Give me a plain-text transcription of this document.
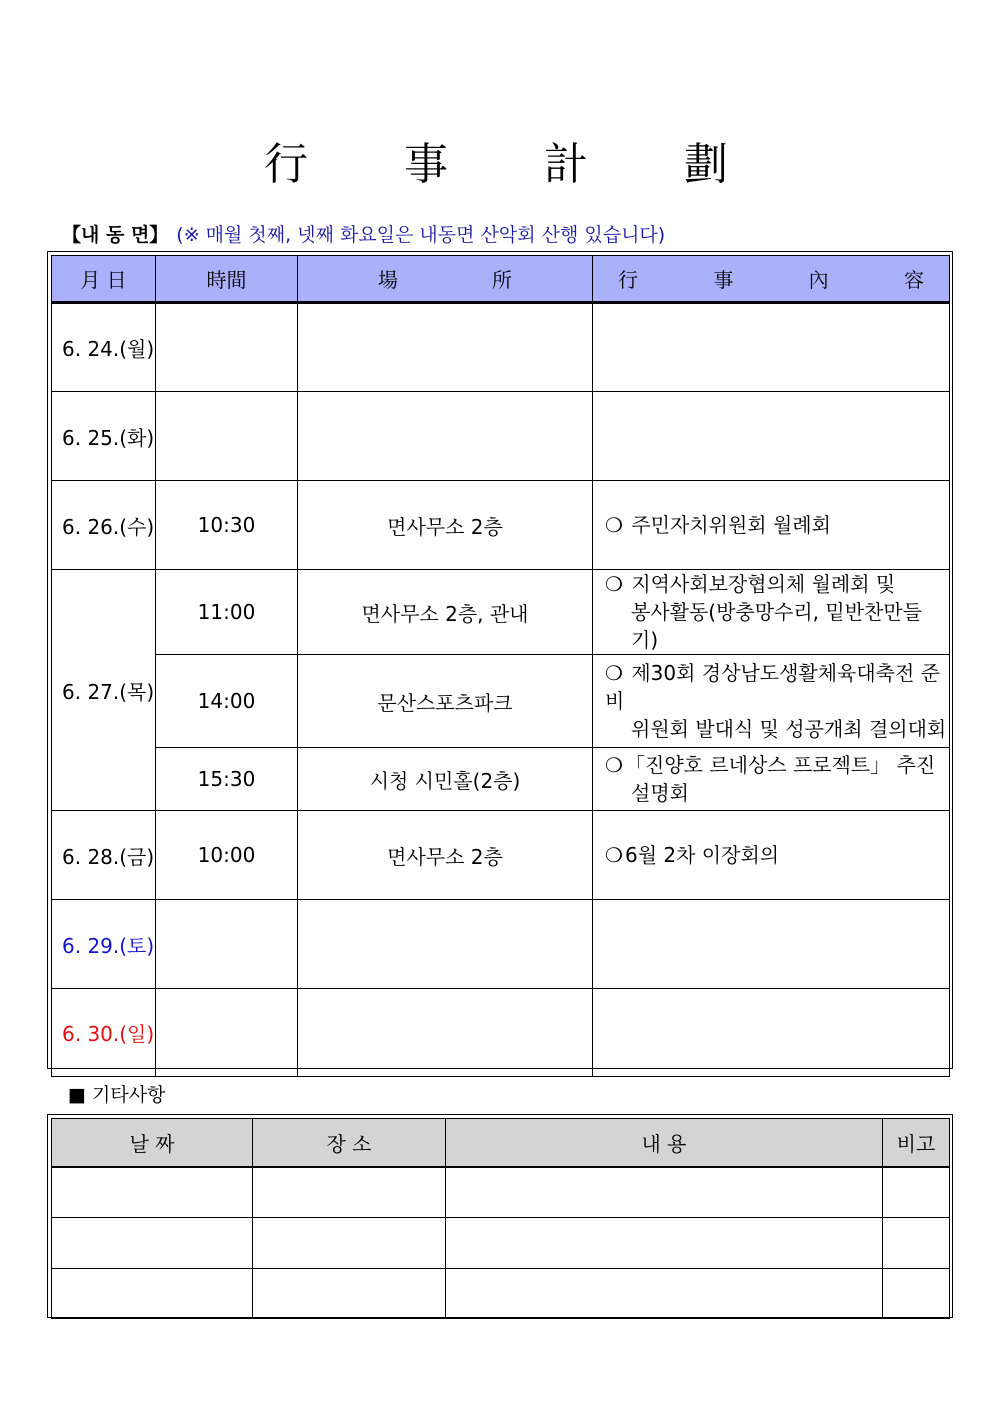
行 事 計 劃
【내 동 면】 (※ 매월 첫째, 넷째 화요일은 내동면 산악회 산행 있습니다)
月 日	時間	場 所	行 事 內 容

6. 24.(월)			
6. 25.(화)			
6. 26.(수)	10:30	면사무소 2층	❍ 주민자치위원회 월례회
6. 27.(목)	11:00	면사무소 2층, 관내	❍ 지역사회보장협의체 월례회 및
봉사활동(방충망수리, 밑반찬만들기)

	14:00	문산스포츠파크	❍ 제30회 경상남도생활체육대축전 준비
위원회 발대식 및 성공개최 결의대회

	15:30	시청 시민홀(2층)	❍ 「진양호 르네상스 프로젝트」 추진
설명회

6. 28.(금)	10:00	면사무소 2층	❍ 6월 2차 이장회의
6. 29.(토)			
6. 30.(일)			
■ 기타사항
날 짜	장 소	내 용	비고
